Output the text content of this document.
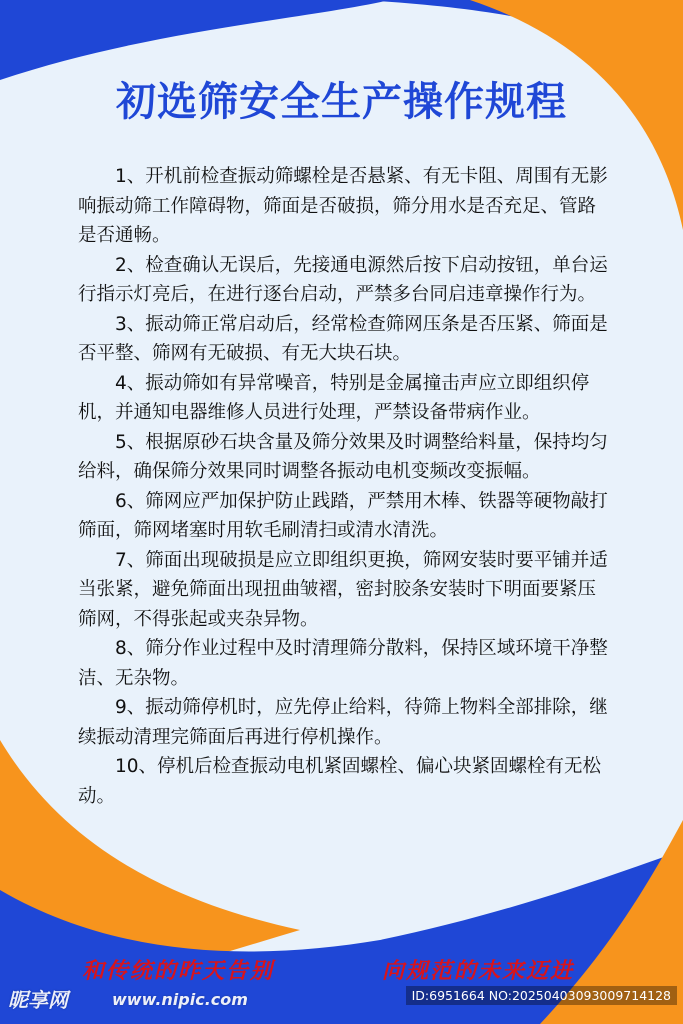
初选筛安全生产操作规程

1、开机前检查振动筛螺栓是否悬紧、有无卡阻、周围有无影响振动筛工作障碍物，筛面是否破损，筛分用水是否充足、管路是否通畅。

2、检查确认无误后，先接通电源然后按下启动按钮，单台运行指示灯亮后，在进行逐台启动，严禁多台同启违章操作行为。

3、振动筛正常启动后，经常检查筛网压条是否压紧、筛面是否平整、筛网有无破损、有无大块石块。

4、振动筛如有异常噪音，特别是金属撞击声应立即组织停机，并通知电器维修人员进行处理，严禁设备带病作业。

5、根据原砂石块含量及筛分效果及时调整给料量，保持均匀给料，确保筛分效果同时调整各振动电机变频改变振幅。

6、筛网应严加保护防止践踏，严禁用木棒、铁器等硬物敲打筛面，筛网堵塞时用软毛刷清扫或清水清洗。

7、筛面出现破损是应立即组织更换，筛网安装时要平铺并适当张紧，避免筛面出现扭曲皱褶，密封胶条安装时下明面要紧压筛网，不得张起或夹杂异物。

8、筛分作业过程中及时清理筛分散料，保持区域环境干净整洁、无杂物。

9、振动筛停机时，应先停止给料，待筛上物料全部排除，继续振动清理完筛面后再进行停机操作。

10、停机后检查振动电机紧固螺栓、偏心块紧固螺栓有无松动。

和传统的昨天告别	向规范的未来迈进
昵享网	www.nipic.com	ID:6951664 NO:20250403093009714128
